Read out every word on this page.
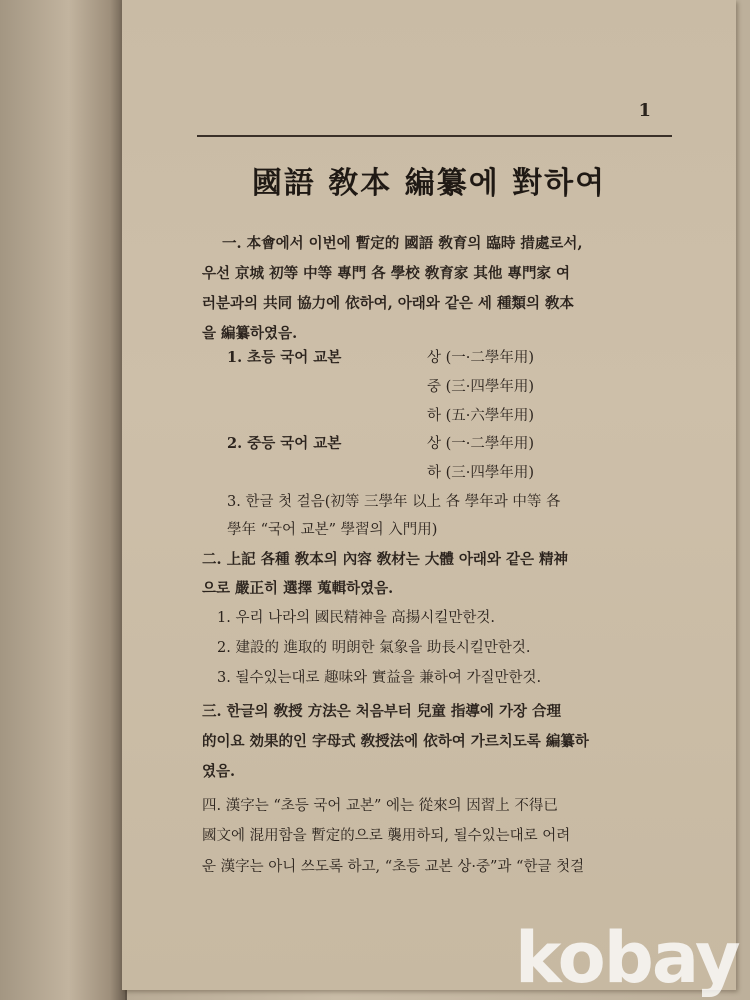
1
國語 敎本 編纂에 對하여
一. 本會에서 이번에 暫定的 國語 敎育의 臨時 措處로서,
우선 京城 初等 中等 專門 各 學校 敎育家 其他 專門家 여
러분과의 共同 協力에 依하여, 아래와 같은 세 種類의 敎本
을 編纂하였음.
1. 초등 국어 교본	상 (一·二學年用)
중 (三·四學年用)
하 (五·六學年用)
2. 중등 국어 교본	상 (一·二學年用)
하 (三·四學年用)
3. 한글 첫 걸음(初等 三學年 以上 各 學年과 中等 各
學年 “국어 교본” 學習의 入門用)
二. 上記 各種 敎本의 內容 敎材는 大體 아래와 같은 精神
으로 嚴正히 選擇 蒐輯하였음.
1. 우리 나라의 國民精神을 高揚시킬만한것.
2. 建設的 進取的 明朗한 氣象을 助長시킬만한것.
3. 될수있는대로 趣味와 實益을 兼하여 가질만한것.
三. 한글의 敎授 方法은 처음부터 兒童 指導에 가장 合理
的이요 効果的인 字母式 敎授法에 依하여 가르치도록 編纂하
였음.
四. 漢字는 “초등 국어 교본” 에는 從來의 因習上 不得已
國文에 混用함을 暫定的으로 襲用하되, 될수있는대로 어려
운 漢字는 아니 쓰도록 하고, “초등 교본 상·중”과 “한글 첫걸
kobay
